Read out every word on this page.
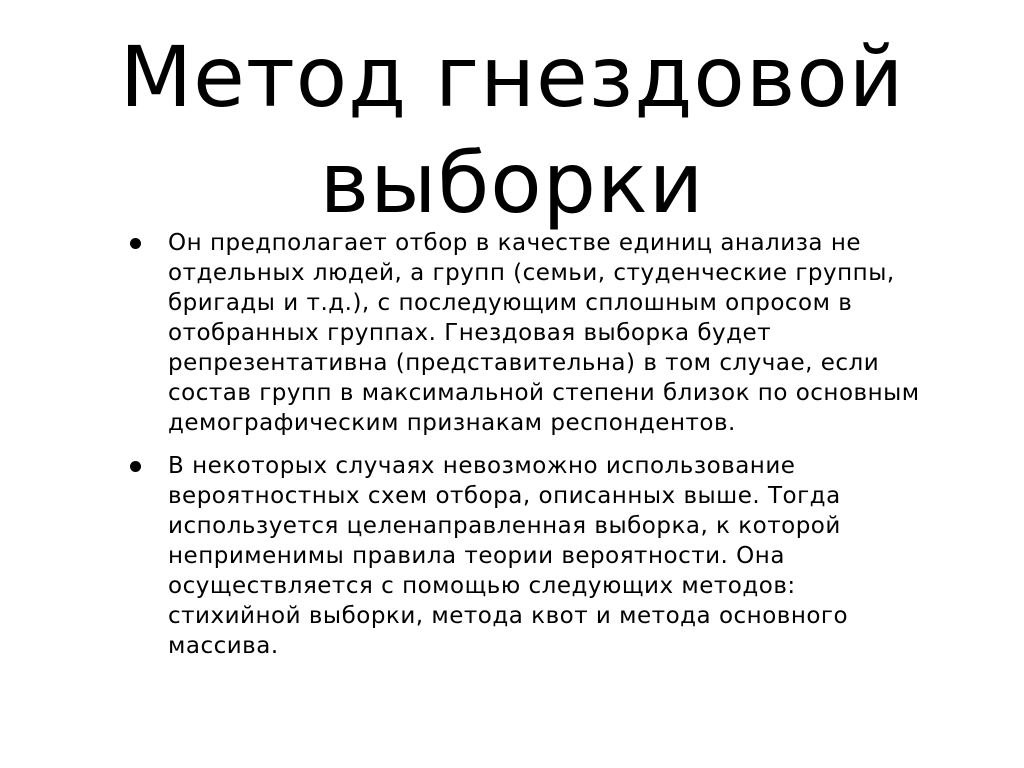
Метод гнездовой выборки
Он предполагает отбор в качестве единиц анализа не отдельных людей, а групп (семьи, студенческие группы, бригады и т.д.), с последующим сплошным опросом в отобранных группах. Гнездовая выборка будет репрезентативна (представительна) в том случае, если состав групп в максимальной степени близок по основным демографическим признакам респондентов.
В некоторых случаях невозможно использование вероятностных схем отбора, описанных выше. Тогда используется целенаправленная выборка, к которой неприменимы правила теории вероятности. Она осуществляется с помощью следующих методов: стихийной выборки, метода квот и метода основного массива.
